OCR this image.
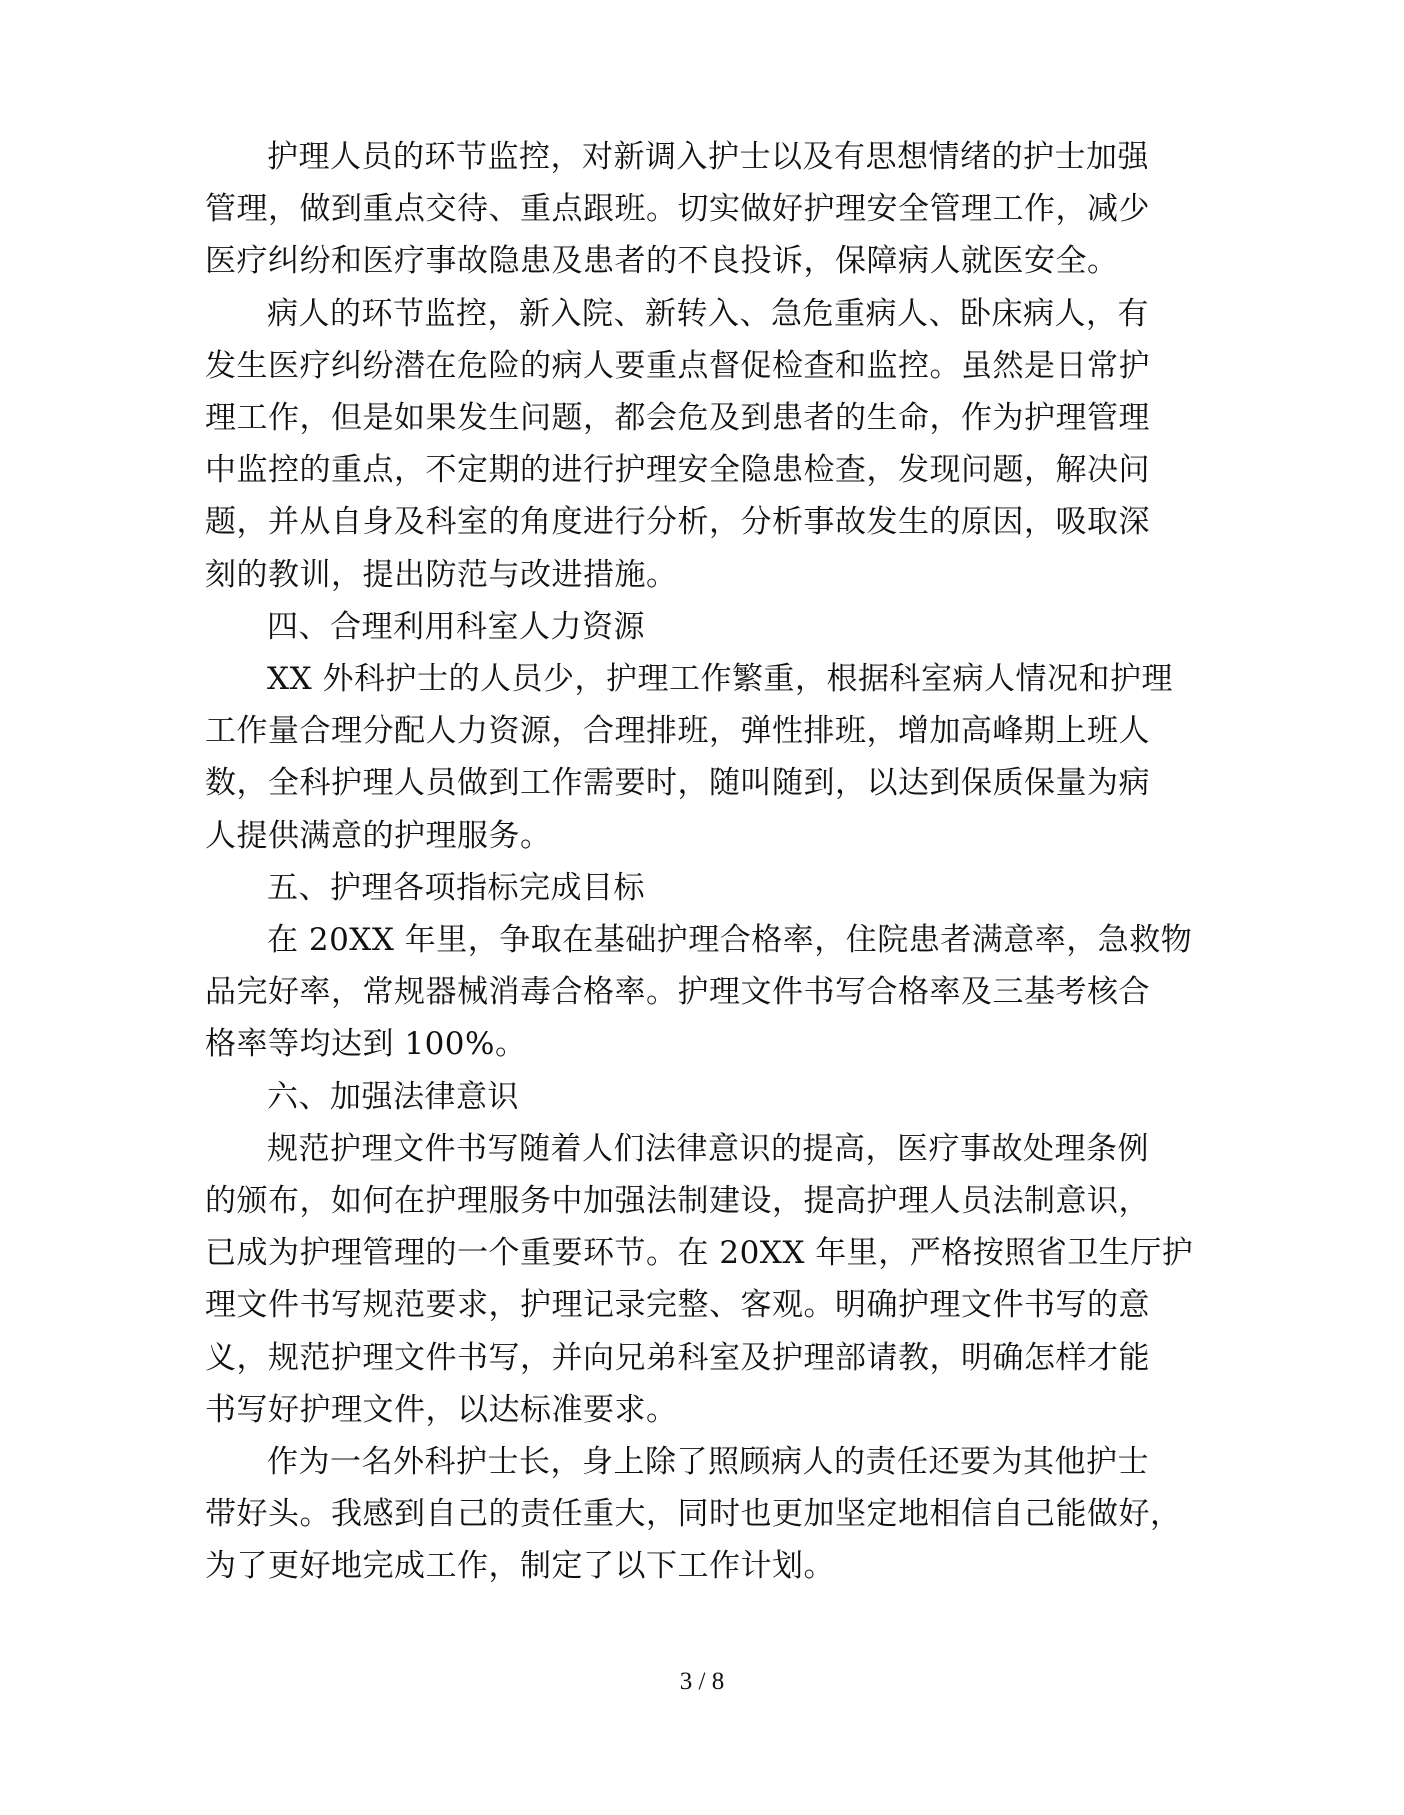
护理人员的环节监控，对新调入护士以及有思想情绪的护士加强
管理，做到重点交待、重点跟班。切实做好护理安全管理工作，减少
医疗纠纷和医疗事故隐患及患者的不良投诉，保障病人就医安全。

病人的环节监控，新入院、新转入、急危重病人、卧床病人，有
发生医疗纠纷潜在危险的病人要重点督促检查和监控。虽然是日常护
理工作，但是如果发生问题，都会危及到患者的生命，作为护理管理
中监控的重点，不定期的进行护理安全隐患检查，发现问题，解决问
题，并从自身及科室的角度进行分析，分析事故发生的原因，吸取深
刻的教训，提出防范与改进措施。

四、合理利用科室人力资源

XX 外科护士的人员少，护理工作繁重，根据科室病人情况和护理
工作量合理分配人力资源，合理排班，弹性排班，增加高峰期上班人
数，全科护理人员做到工作需要时，随叫随到，以达到保质保量为病
人提供满意的护理服务。

五、护理各项指标完成目标

在 20XX 年里，争取在基础护理合格率，住院患者满意率，急救物
品完好率，常规器械消毒合格率。护理文件书写合格率及三基考核合
格率等均达到 100%。

六、加强法律意识

规范护理文件书写随着人们法律意识的提高，医疗事故处理条例
的颁布，如何在护理服务中加强法制建设，提高护理人员法制意识，
已成为护理管理的一个重要环节。在 20XX 年里，严格按照省卫生厅护
理文件书写规范要求，护理记录完整、客观。明确护理文件书写的意
义，规范护理文件书写，并向兄弟科室及护理部请教，明确怎样才能
书写好护理文件，以达标准要求。

作为一名外科护士长，身上除了照顾病人的责任还要为其他护士
带好头。我感到自己的责任重大，同时也更加坚定地相信自己能做好，
为了更好地完成工作，制定了以下工作计划。

3 / 8
